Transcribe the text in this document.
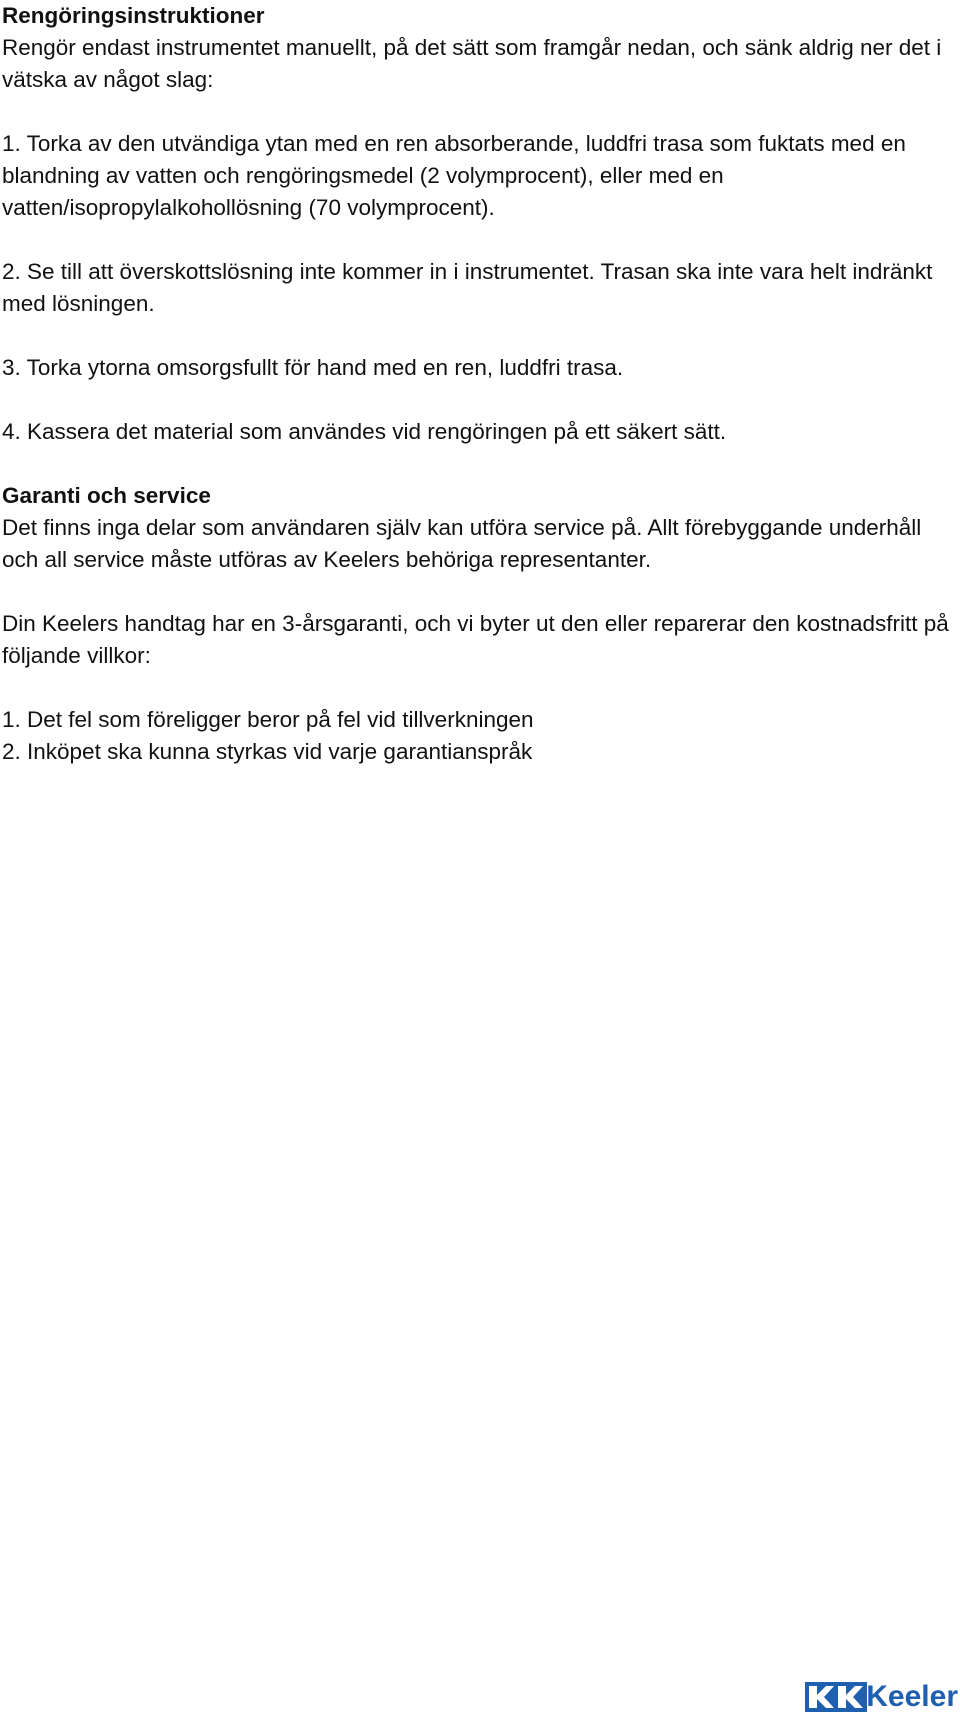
Rengöringsinstruktioner

Rengör endast instrumentet manuellt, på det sätt som framgår nedan, och sänk aldrig ner det i vätska av något slag:

1. Torka av den utvändiga ytan med en ren absorberande, luddfri trasa som fuktats med en blandning av vatten och rengöringsmedel (2 volymprocent), eller med en vatten/isopropylalkohollösning (70 volymprocent).

2. Se till att överskottslösning inte kommer in i instrumentet. Trasan ska inte vara helt indränkt med lösningen.

3. Torka ytorna omsorgsfullt för hand med en ren, luddfri trasa.

4. Kassera det material som användes vid rengöringen på ett säkert sätt.

Garanti och service

Det finns inga delar som användaren själv kan utföra service på. Allt förebyggande underhåll och all service måste utföras av Keelers behöriga representanter.

Din Keelers handtag har en 3-årsgaranti, och vi byter ut den eller reparerar den kostnadsfritt på följande villkor:

1. Det fel som föreligger beror på fel vid tillverkningen

2. Inköpet ska kunna styrkas vid varje garantianspråk

Keeler
